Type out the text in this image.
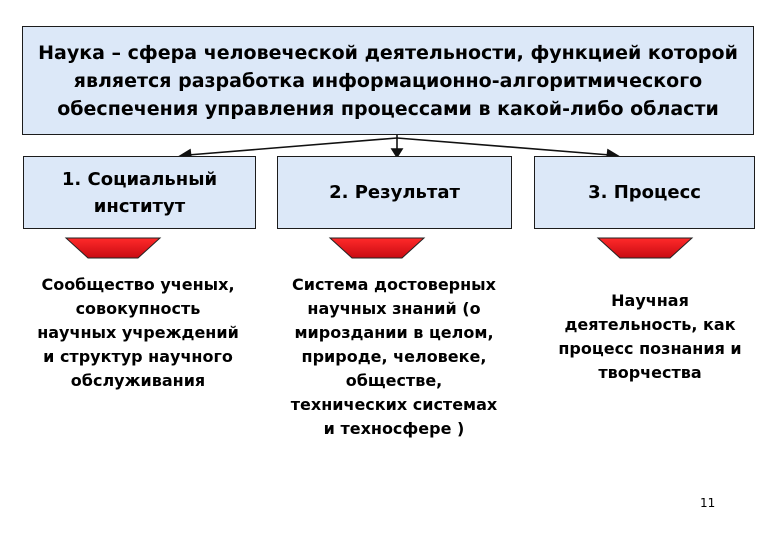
Наука – сфера человеческой деятельности, функцией которой
является разработка информационно-алгоритмического
обеспечения управления процессами в какой-либо области
1. Социальный
институт
2. Результат	3. Процесс
Сообщество ученых,
совокупность
научных учреждений
и структур научного
обслуживания
Система достоверных
научных знаний (о
мироздании в целом,
природе, человеке,
обществе,
технических системах
и техносфере )
Научная
деятельность, как
процесс познания и
творчества
11
